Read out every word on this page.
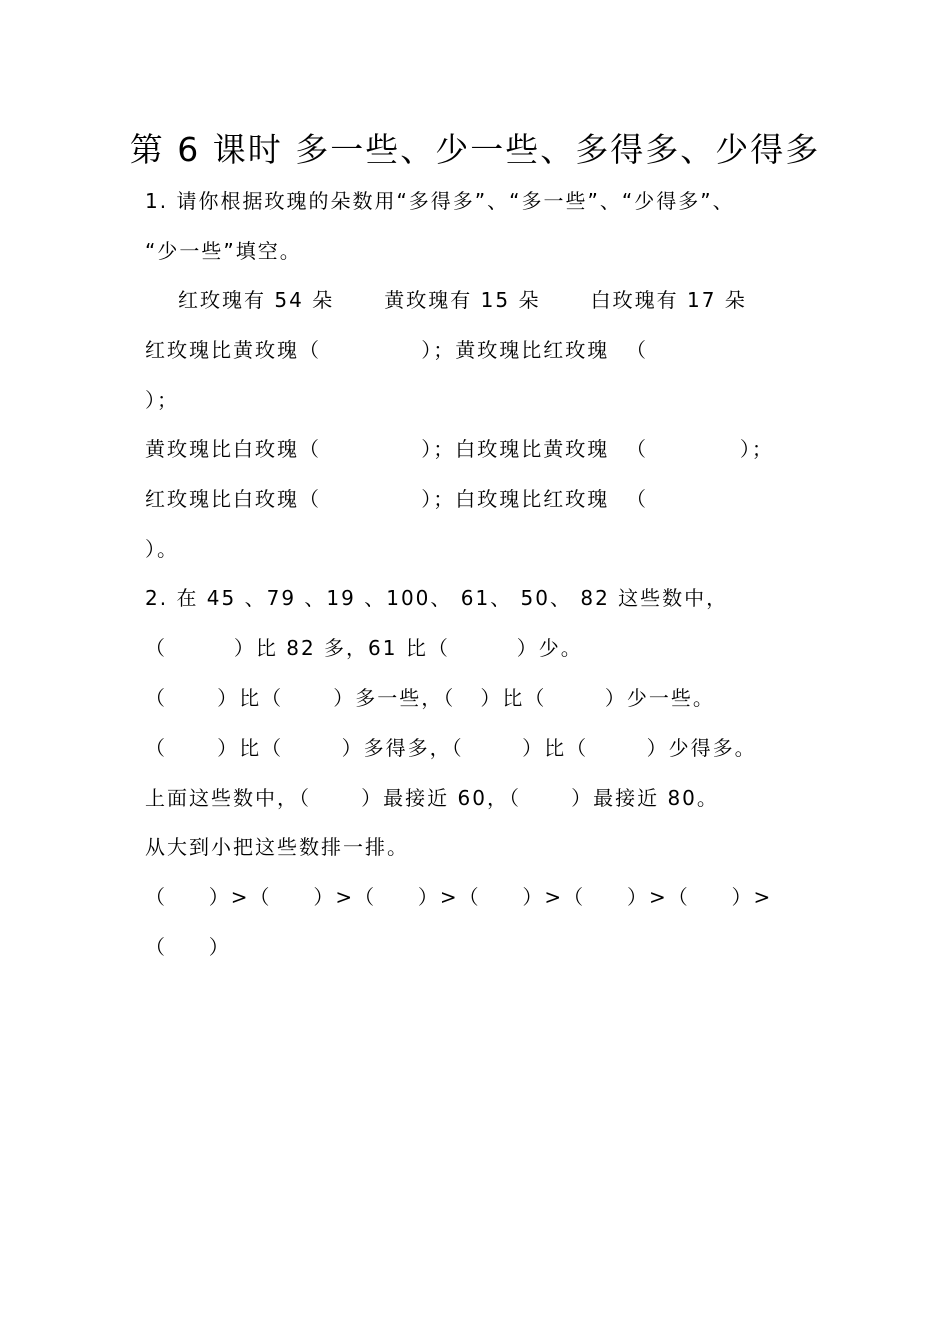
第 6 课时 多一些、少一些、多得多、少得多
1. 请你根据玫瑰的朵数用“多得多”、“多一些”、“少得多”、
“少一些”填空。
红玫瑰有 54 朵      黄玫瑰有 15 朵      白玫瑰有 17 朵
红玫瑰比黄玫瑰（            ）；黄玫瑰比红玫瑰  （
）；
黄玫瑰比白玫瑰（            ）；白玫瑰比黄玫瑰  （           ）；
红玫瑰比白玫瑰（            ）；白玫瑰比红玫瑰  （
）。
2. 在 45 、79 、19 、100、 61、 50、 82 这些数中，
（        ）比 82 多，61 比（        ）少。
（      ）比（      ）多一些，（   ）比（       ）少一些。
（      ）比（       ）多得多，（       ）比（       ）少得多。
上面这些数中，（      ）最接近 60，（      ）最接近 80。
从大到小把这些数排一排。
（     ）>（     ）>（     ）>（     ）>（     ）>（     ）>
（     ）
